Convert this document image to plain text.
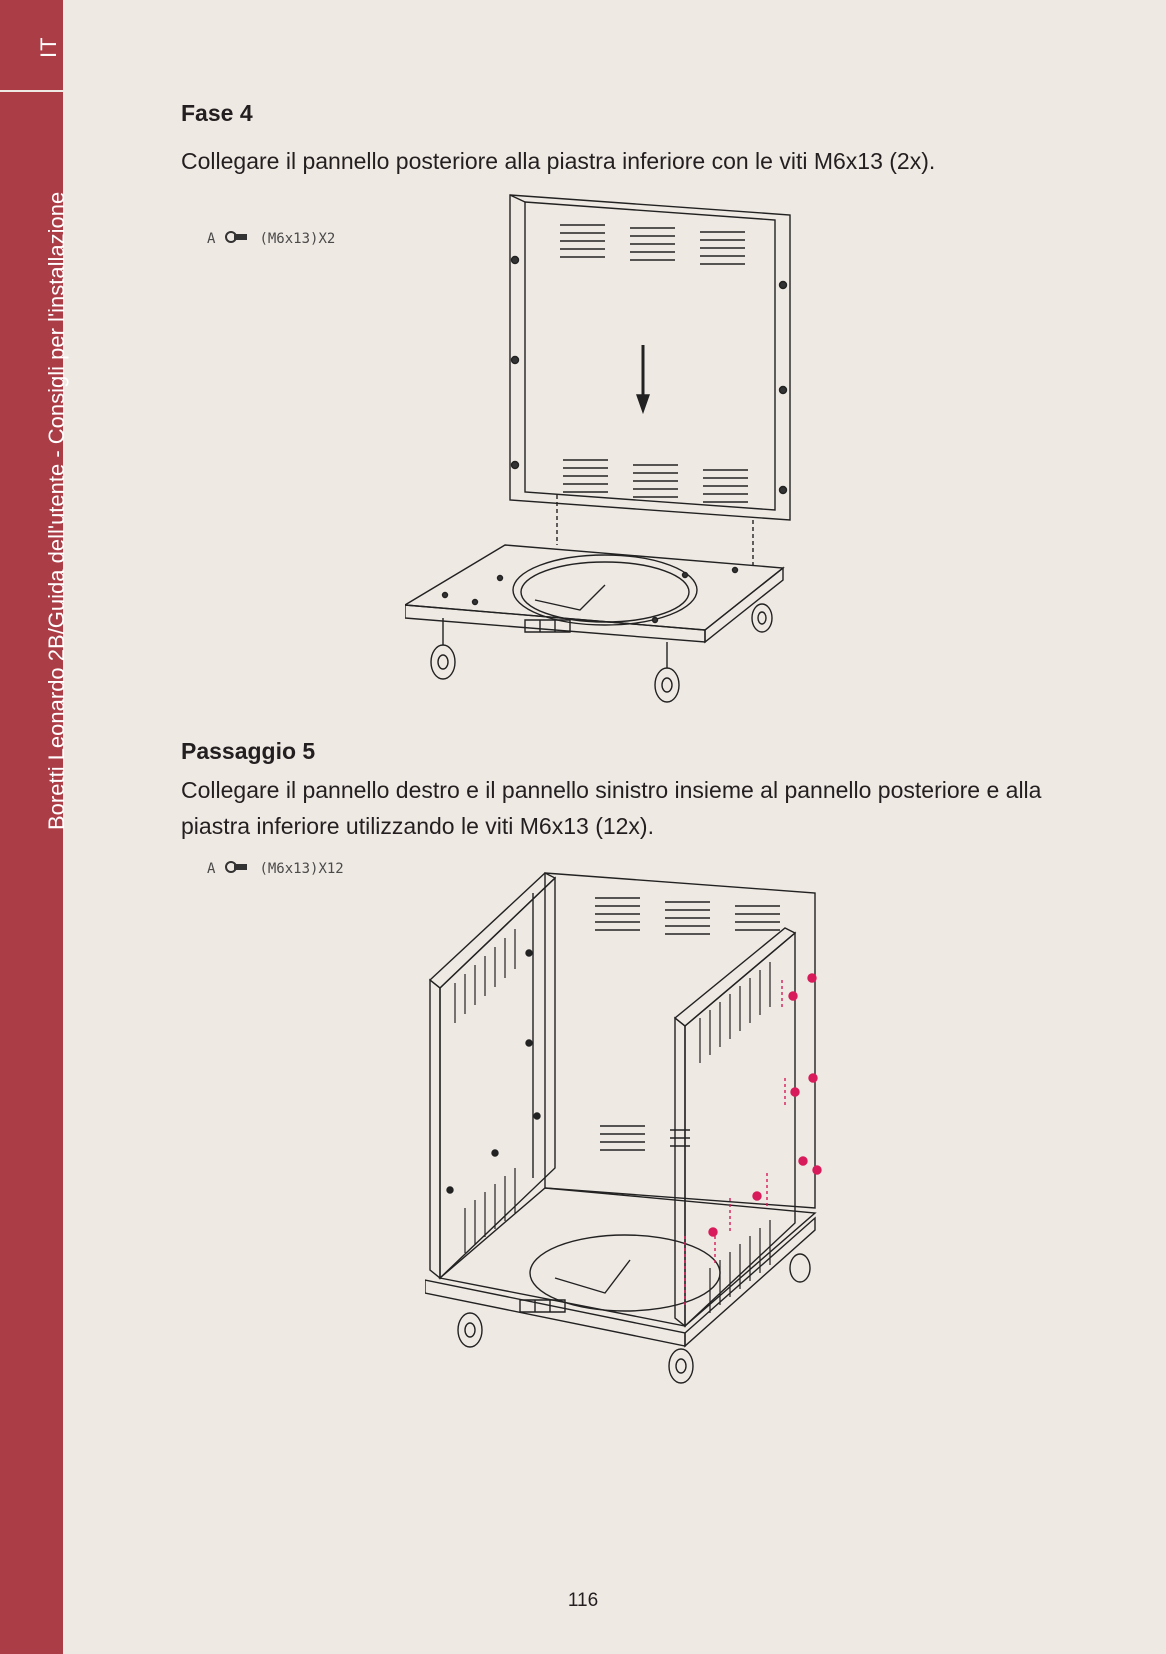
IT
Boretti Leonardo 2B/Guida dell'utente - Consigli per l'installazione
Fase 4

Collegare il pannello posteriore alla piastra inferiore con le viti M6x13 (2x).

A	(M6x13)X2
Passaggio 5

Collegare il pannello destro e il pannello sinistro insieme al pannello posteriore e alla piastra inferiore utilizzando le viti M6x13 (12x).

A	(M6x13)X12
116
